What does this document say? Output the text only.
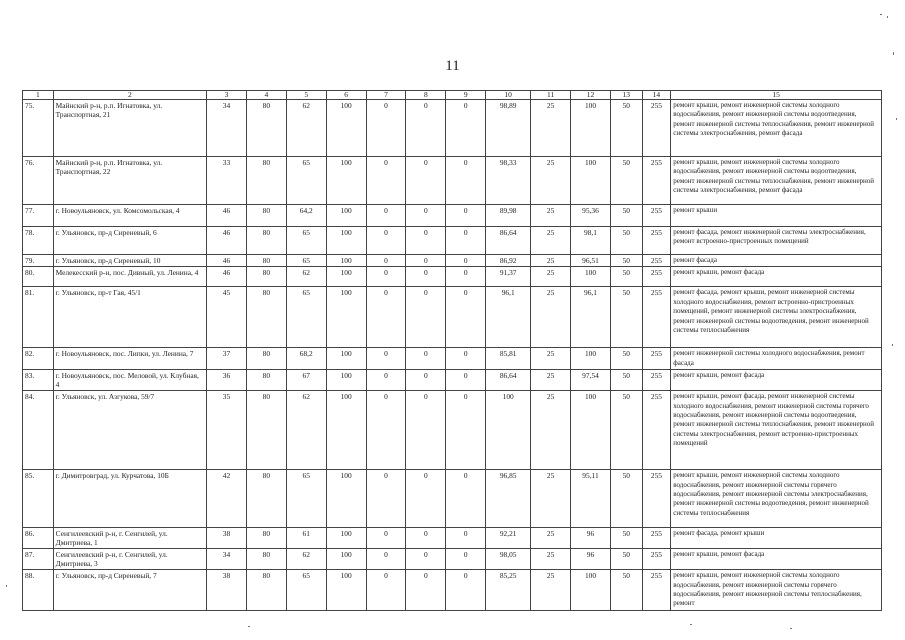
11
1	2	3	4	5	6	7	8	9	10	11	12	13	14	15
75.	Майнский р-н, р.п. Игнатовка, ул. Транспортная, 21	34	80	62	100	0	0	0	98,89	25	100	50	255	ремонт крыши, ремонт инженерной системы холодного водоснабжения, ремонт инженерной системы водоотведения, ремонт инженерной системы теплоснабжения, ремонт инженерной системы электроснабжения, ремонт фасада
76.	Майнский р-н, р.п. Игнатовка, ул. Транспортная, 22	33	80	65	100	0	0	0	98,33	25	100	50	255	ремонт крыши, ремонт инженерной системы холодного водоснабжения, ремонт инженерной системы водоотведения, ремонт инженерной системы теплоснабжения, ремонт инженерной системы электроснабжения, ремонт фасада
77.	г. Новоульяновск, ул. Комсомольская, 4	46	80	64,2	100	0	0	0	89,98	25	95,36	50	255	ремонт крыши
78.	г. Ульяновск, пр-д Сиреневый, 6	46	80	65	100	0	0	0	86,64	25	98,1	50	255	ремонт фасада, ремонт инженерной системы электроснабжения, ремонт встроенно-пристроенных помещений
79.	г. Ульяновск, пр-д Сиреневый, 10	46	80	65	100	0	0	0	86,92	25	96,51	50	255	ремонт фасада
80.	Мелекесский р-н, пос. Дивный, ул. Ленина, 4	46	80	62	100	0	0	0	91,37	25	100	50	255	ремонт крыши, ремонт фасада
81.	г. Ульяновск, пр-т Гая, 45/1	45	80	65	100	0	0	0	96,1	25	96,1	50	255	ремонт фасада, ремонт крыши, ремонт инженерной системы холодного водоснабжения, ремонт встроенно-пристроенных помещений, ремонт инженерной системы электроснабжения, ремонт инженерной системы водоотведения, ремонт инженерной системы теплоснабжения
82.	г. Новоульяновск, пос. Липки, ул. Ленина, 7	37	80	68,2	100	0	0	0	85,81	25	100	50	255	ремонт инженерной системы холодного водоснабжения, ремонт фасада
83.	г. Новоульяновск, пос. Меловой, ул. Клубная, 4	36	80	67	100	0	0	0	86,64	25	97,54	50	255	ремонт крыши, ремонт фасада
84.	г. Ульяновск, ул. Азгукова, 59/7	35	80	62	100	0	0	0	100	25	100	50	255	ремонт крыши, ремонт фасада, ремонт инженерной системы холодного водоснабжения, ремонт инженерной системы горячего водоснабжения, ремонт инженерной системы водоотведения, ремонт инженерной системы теплоснабжения, ремонт инженерной системы электроснабжения, ремонт встроенно-пристроенных помещений
85.	г. Димитровград, ул. Курчатова, 10Б	42	80	65	100	0	0	0	96,85	25	95,11	50	255	ремонт крыши, ремонт инженерной системы холодного водоснабжения, ремонт инженерной системы горячего водоснабжения, ремонт инженерной системы электроснабжения, ремонт инженерной системы водоотведения, ремонт инженерной системы теплоснабжения
86.	Сенгилеевский р-н, г. Сенгилей, ул. Дмитриева, 1	38	80	61	100	0	0	0	92,21	25	96	50	255	ремонт фасада, ремонт крыши
87.	Сенгилеевский р-н, г. Сенгилей, ул. Дмитриева, 3	34	80	62	100	0	0	0	98,05	25	96	50	255	ремонт крыши, ремонт фасада
88.	г. Ульяновск, пр-д Сиреневый, 7	38	80	65	100	0	0	0	85,25	25	100	50	255	ремонт крыши, ремонт инженерной системы холодного водоснабжения, ремонт инженерной системы горячего водоснабжения, ремонт инженерной системы теплоснабжения, ремонт
